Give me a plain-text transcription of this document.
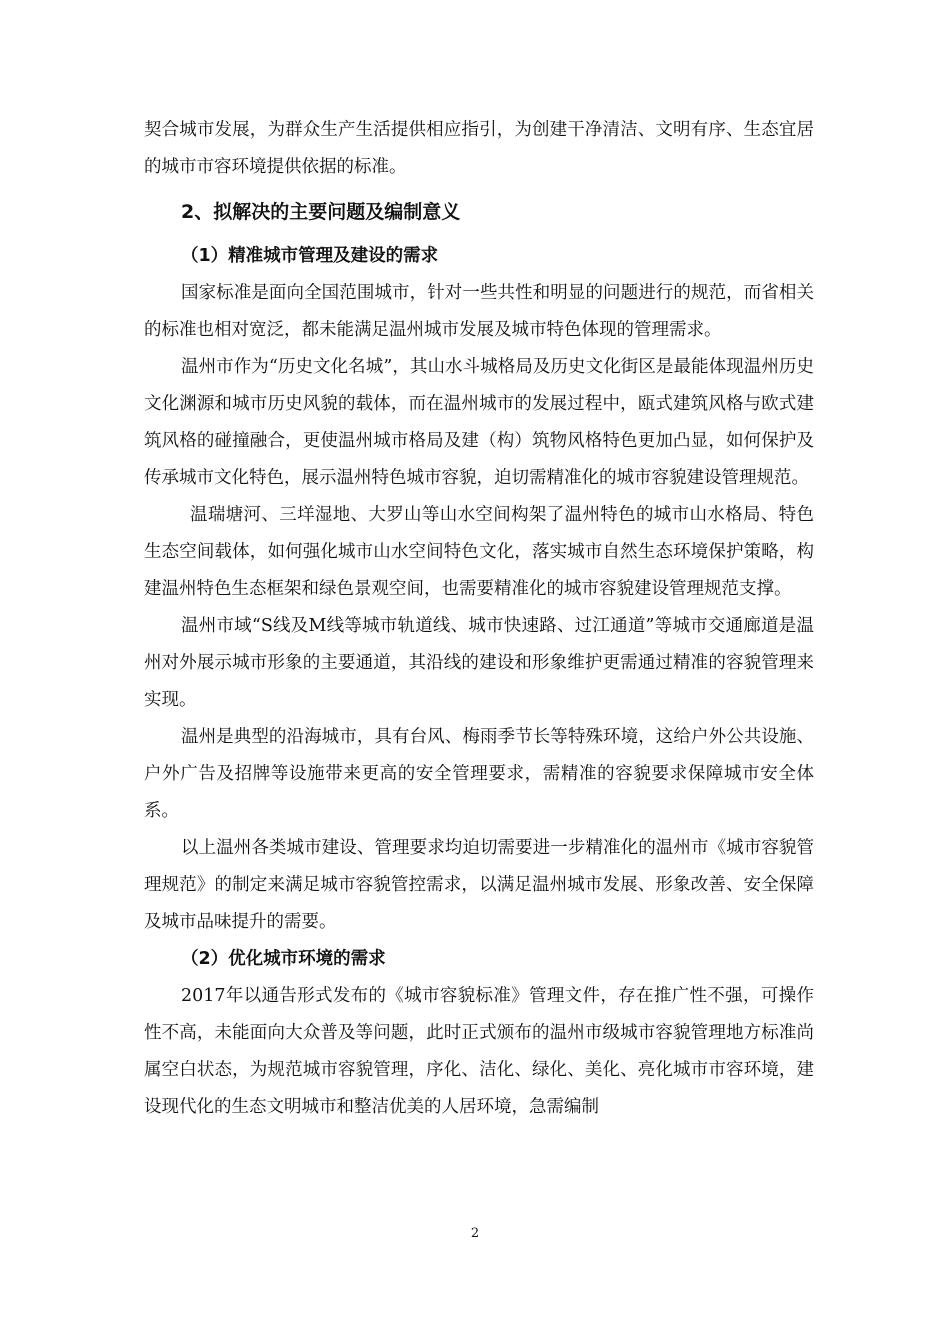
契合城市发展，为群众生产生活提供相应指引，为创建干净清洁、文明有序、生态宜居的城市市容环境提供依据的标准。

2、拟解决的主要问题及编制意义
（1）精准城市管理及建设的需求

国家标准是面向全国范围城市，针对一些共性和明显的问题进行的规范，而省相关的标准也相对宽泛，都未能满足温州城市发展及城市特色体现的管理需求。

温州市作为“历史文化名城”，其山水斗城格局及历史文化街区是最能体现温州历史文化渊源和城市历史风貌的载体，而在温州城市的发展过程中，瓯式建筑风格与欧式建筑风格的碰撞融合，更使温州城市格局及建（构）筑物风格特色更加凸显，如何保护及传承城市文化特色，展示温州特色城市容貌，迫切需精准化的城市容貌建设管理规范。

温瑞塘河、三垟湿地、大罗山等山水空间构架了温州特色的城市山水格局、特色生态空间载体，如何强化城市山水空间特色文化，落实城市自然生态环境保护策略，构建温州特色生态框架和绿色景观空间，也需要精准化的城市容貌建设管理规范支撑。

温州市域“S线及M线等城市轨道线、城市快速路、过江通道”等城市交通廊道是温州对外展示城市形象的主要通道，其沿线的建设和形象维护更需通过精准的容貌管理来实现。

温州是典型的沿海城市，具有台风、梅雨季节长等特殊环境，这给户外公共设施、户外广告及招牌等设施带来更高的安全管理要求，需精准的容貌要求保障城市安全体系。

以上温州各类城市建设、管理要求均迫切需要进一步精准化的温州市《城市容貌管理规范》的制定来满足城市容貌管控需求，以满足温州城市发展、形象改善、安全保障及城市品味提升的需要。

（2）优化城市环境的需求

2017年以通告形式发布的《城市容貌标准》管理文件，存在推广性不强，可操作性不高，未能面向大众普及等问题，此时正式颁布的温州市级城市容貌管理地方标准尚属空白状态，为规范城市容貌管理，序化、洁化、绿化、美化、亮化城市市容环境，建设现代化的生态文明城市和整洁优美的人居环境，急需编制

2
